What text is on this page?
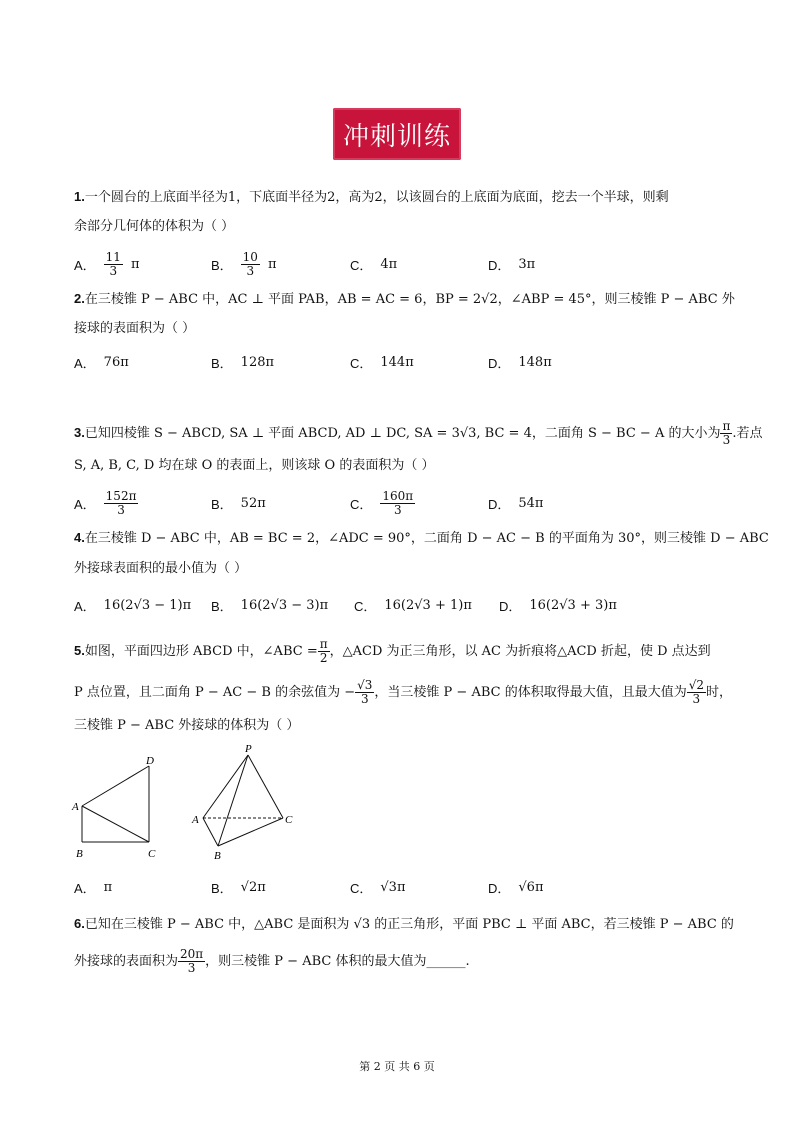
冲刺训练
1.一个圆台的上底面半径为1，下底面半径为2，高为2，以该圆台的上底面为底面，挖去一个半球，则剩
余部分几何体的体积为（ ）
A． $\frac{11}{3}$ π	B． $\frac{10}{3}$ π	C． 4π	D． 3π
2.在三棱锥 P − ABC 中，AC ⊥ 平面 PAB，AB = AC = 6，BP = 2√2，∠ABP = 45°，则三棱锥 P − ABC 外
接球的表面积为（ ）
A． 76π	B． 128π	C． 144π	D． 148π
3.已知四棱锥 S − ABCD, SA ⊥ 平面 ABCD, AD ⊥ DC, SA = 3√3, BC = 4，二面角 S − BC − A 的大小为 $\frac{\pi}{3}$ .若点
S, A, B, C, D 均在球 O 的表面上，则该球 O 的表面积为（ ）
A． $\frac{152\pi}{3}$	B． 52π	C． $\frac{160\pi}{3}$	D． 54π
4.在三棱锥 D − ABC 中，AB = BC = 2，∠ADC = 90°，二面角 D − AC − B 的平面角为 30°，则三棱锥 D − ABC
外接球表面积的最小值为（ ）
A． 16(2√3 − 1)π B． 16(2√3 − 3)π C． 16(2√3 + 1)π D． 16(2√3 + 3)π
5.如图，平面四边形 ABCD 中，∠ABC = $\frac{\pi}{2}$ ，△ACD 为正三角形，以 AC 为折痕将△ACD 折起，使 D 点达到
P 点位置，且二面角 P − AC − B 的余弦值为 − $\frac{√3}{3}$ ，当三棱锥 P − ABC 的体积取得最大值，且最大值为 $\frac{√2}{3}$ 时，
三棱锥 P − ABC 外接球的体积为（ ）
D
A
B	C
P
A	C
B
A． π	B． √2π	C． √3π	D． √6π
6.已知在三棱锥 P − ABC 中，△ABC 是面积为 √3 的正三角形，平面 PBC ⊥ 平面 ABC，若三棱锥 P − ABC 的
外接球的表面积为 $\frac{20\pi}{3}$ ，则三棱锥 P − ABC 体积的最大值为______.
第 2 页 共 6 页
